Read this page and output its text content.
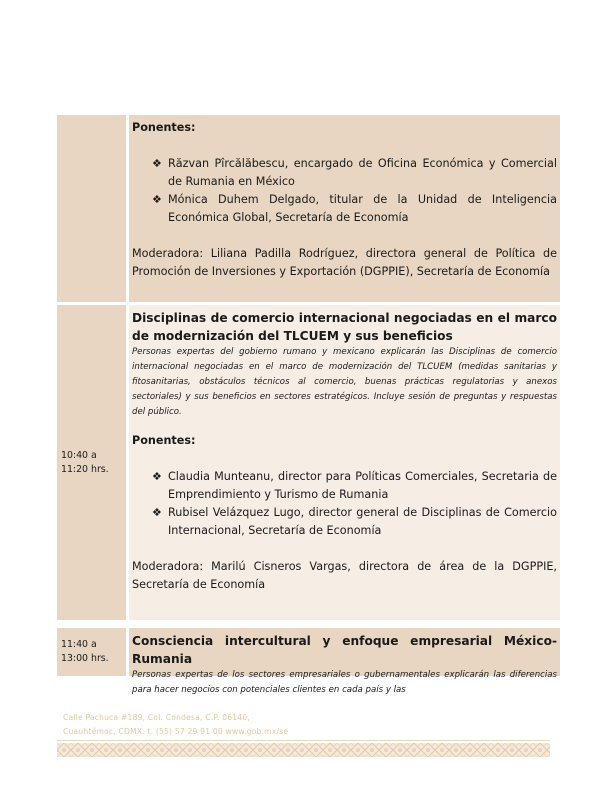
Ponentes:
❖ Răzvan Pîrcălăbescu, encargado de Oficina Económica y Comercial de Rumania en México
❖ Mónica Duhem Delgado, titular de la Unidad de Inteligencia Económica Global, Secretaría de Economía
Moderadora: Liliana Padilla Rodríguez, directora general de Política de Promoción de Inversiones y Exportación (DGPPIE), Secretaría de Economía
10:40 a
11:20 hrs.
Disciplinas de comercio internacional negociadas en el marco de modernización del TLCUEM y sus beneficios
Personas expertas del gobierno rumano y mexicano explicarán las Disciplinas de comercio internacional negociadas en el marco de modernización del TLCUEM (medidas sanitarias y fitosanitarias, obstáculos técnicos al comercio, buenas prácticas regulatorias y anexos sectoriales) y sus beneficios en sectores estratégicos. Incluye sesión de preguntas y respuestas del público.
Ponentes:
❖ Claudia Munteanu, director para Políticas Comerciales, Secretaria de Emprendimiento y Turismo de Rumania
❖ Rubisel Velázquez Lugo, director general de Disciplinas de Comercio Internacional, Secretaría de Economía
Moderadora: Marilú Cisneros Vargas, directora de área de la DGPPIE, Secretaría de Economía
11:40 a
13:00 hrs.
Consciencia intercultural y enfoque empresarial México-Rumania
Personas expertas de los sectores empresariales o gubernamentales explicarán las diferencias para hacer negocios con potenciales clientes en cada país y las
Calle Pachuca #189, Col. Condesa, C.P. 06140,
Cuauhtémoc, CDMX. t. (55) 57 29 91 00 www.gob.mx/se
